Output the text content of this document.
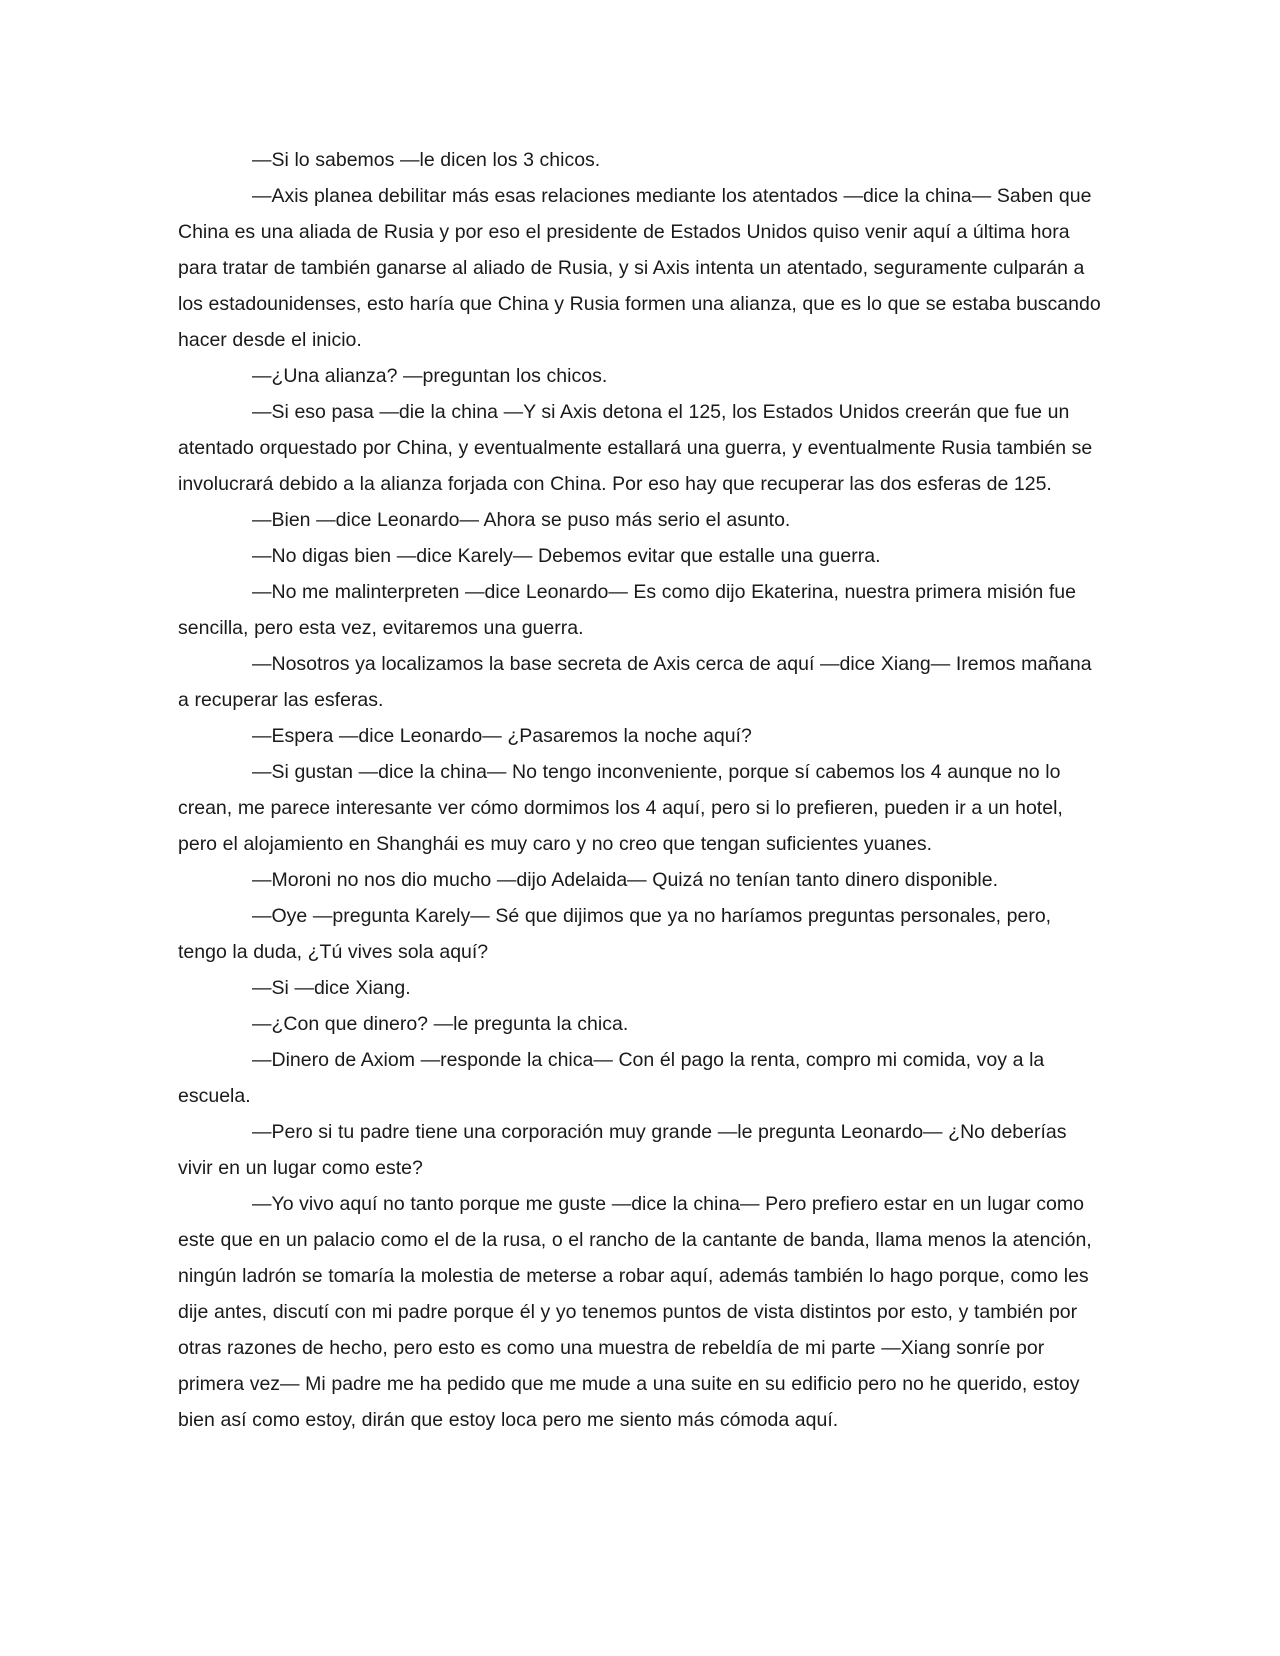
—Si lo sabemos —le dicen los 3 chicos.

—Axis planea debilitar más esas relaciones mediante los atentados —dice la china— Saben que China es una aliada de Rusia y por eso el presidente de Estados Unidos quiso venir aquí a última hora para tratar de también ganarse al aliado de Rusia, y si Axis intenta un atentado, seguramente culparán a los estadounidenses, esto haría que China y Rusia formen una alianza, que es lo que se estaba buscando hacer desde el inicio.

—¿Una alianza? —preguntan los chicos.

—Si eso pasa —die la china —Y si Axis detona el 125, los Estados Unidos creerán que fue un atentado orquestado por China, y eventualmente estallará una guerra, y eventualmente Rusia también se involucrará debido a la alianza forjada con China. Por eso hay que recuperar las dos esferas de 125.

—Bien —dice Leonardo— Ahora se puso más serio el asunto.

—No digas bien —dice Karely— Debemos evitar que estalle una guerra.

—No me malinterpreten —dice Leonardo— Es como dijo Ekaterina, nuestra primera misión fue sencilla, pero esta vez, evitaremos una guerra.

—Nosotros ya localizamos la base secreta de Axis cerca de aquí —dice Xiang— Iremos mañana a recuperar las esferas.

—Espera —dice Leonardo— ¿Pasaremos la noche aquí?

—Si gustan —dice la china— No tengo inconveniente, porque sí cabemos los 4 aunque no lo crean, me parece interesante ver cómo dormimos los 4 aquí, pero si lo prefieren, pueden ir a un hotel, pero el alojamiento en Shanghái es muy caro y no creo que tengan suficientes yuanes.

—Moroni no nos dio mucho —dijo Adelaida— Quizá no tenían tanto dinero disponible.

—Oye —pregunta Karely— Sé que dijimos que ya no haríamos preguntas personales, pero, tengo la duda, ¿Tú vives sola aquí?

—Si —dice Xiang.

—¿Con que dinero? —le pregunta la chica.

—Dinero de Axiom —responde la chica— Con él pago la renta, compro mi comida, voy a la escuela.

—Pero si tu padre tiene una corporación muy grande —le pregunta Leonardo— ¿No deberías vivir en un lugar como este?

—Yo vivo aquí no tanto porque me guste —dice la china— Pero prefiero estar en un lugar como este que en un palacio como el de la rusa, o el rancho de la cantante de banda, llama menos la atención, ningún ladrón se tomaría la molestia de meterse a robar aquí, además también lo hago porque, como les dije antes, discutí con mi padre porque él y yo tenemos puntos de vista distintos por esto, y también por otras razones de hecho, pero esto es como una muestra de rebeldía de mi parte —Xiang sonríe por primera vez— Mi padre me ha pedido que me mude a una suite en su edificio pero no he querido, estoy bien así como estoy, dirán que estoy loca pero me siento más cómoda aquí.
